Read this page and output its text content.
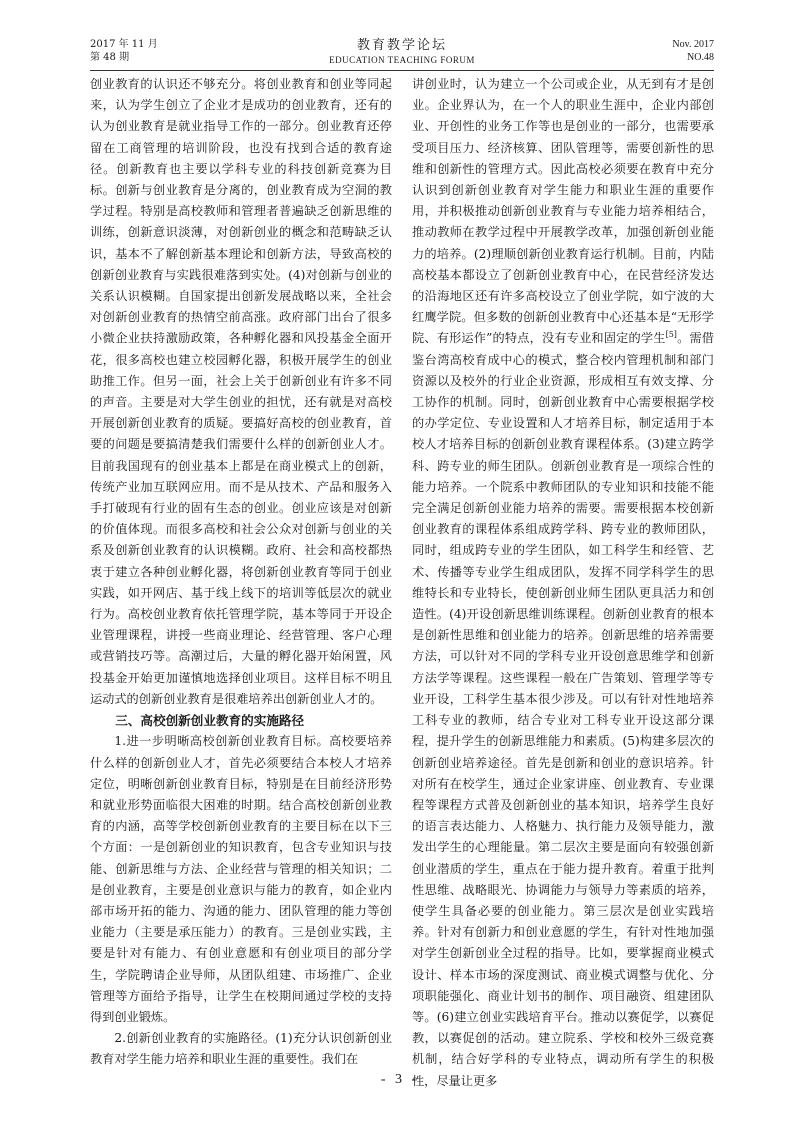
2017 年 11 月
第 48 期
教育教学论坛
EDUCATION TEACHING FORUM
Nov. 2017
NO.48

创业教育的认识还不够充分。将创业教育和创业等同起来，认为学生创立了企业才是成功的创业教育，还有的认为创业教育是就业指导工作的一部分。创业教育还停留在工商管理的培训阶段，也没有找到合适的教育途径。创新教育也主要以学科专业的科技创新竞赛为目标。创新与创业教育是分离的，创业教育成为空洞的教学过程。特别是高校教师和管理者普遍缺乏创新思维的训练，创新意识淡薄，对创新创业的概念和范畴缺乏认识，基本不了解创新基本理论和创新方法，导致高校的创新创业教育与实践很难落到实处。(4)对创新与创业的关系认识模糊。自国家提出创新发展战略以来，全社会对创新创业教育的热情空前高涨。政府部门出台了很多小微企业扶持激励政策，各种孵化器和风投基金全面开花，很多高校也建立校园孵化器，积极开展学生的创业助推工作。但另一面，社会上关于创新创业有许多不同的声音。主要是对大学生创业的担忧，还有就是对高校开展创新创业教育的质疑。要搞好高校的创业教育，首要的问题是要搞清楚我们需要什么样的创新创业人才。目前我国现有的创业基本上都是在商业模式上的创新，传统产业加互联网应用。而不是从技术、产品和服务入手打破现有行业的固有生态的创业。创业应该是对创新的价值体现。而很多高校和社会公众对创新与创业的关系及创新创业教育的认识模糊。政府、社会和高校都热衷于建立各种创业孵化器，将创新创业教育等同于创业实践，如开网店、基于线上线下的培训等低层次的就业行为。高校创业教育依托管理学院，基本等同于开设企业管理课程，讲授一些商业理论、经营管理、客户心理或营销技巧等。高潮过后，大量的孵化器开始闲置，风投基金开始更加谨慎地选择创业项目。这样目标不明且运动式的创新创业教育是很难培养出创新创业人才的。

三、高校创新创业教育的实施路径

1.进一步明晰高校创新创业教育目标。高校要培养什么样的创新创业人才，首先必须要结合本校人才培养定位，明晰创新创业教育目标，特别是在目前经济形势和就业形势面临很大困难的时期。结合高校创新创业教育的内涵，高等学校创新创业教育的主要目标在以下三个方面：一是创新创业的知识教育，包含专业知识与技能、创新思维与方法、企业经营与管理的相关知识；二是创业教育，主要是创业意识与能力的教育，如企业内部市场开拓的能力、沟通的能力、团队管理的能力等创业能力（主要是承压能力）的教育。三是创业实践，主要是针对有能力、有创业意愿和有创业项目的部分学生，学院聘请企业导师，从团队组建、市场推广、企业管理等方面给予指导，让学生在校期间通过学校的支持得到创业锻炼。

2.创新创业教育的实施路径。(1)充分认识创新创业教育对学生能力培养和职业生涯的重要性。我们在

讲创业时，认为建立一个公司或企业，从无到有才是创业。企业界认为，在一个人的职业生涯中，企业内部创业、开创性的业务工作等也是创业的一部分，也需要承受项目压力、经济核算、团队管理等，需要创新性的思维和创新性的管理方式。因此高校必须要在教育中充分认识到创新创业教育对学生能力和职业生涯的重要作用，并积极推动创新创业教育与专业能力培养相结合，推动教师在教学过程中开展教学改革，加强创新创业能力的培养。(2)理顺创新创业教育运行机制。目前，内陆高校基本都设立了创新创业教育中心，在民营经济发达的沿海地区还有许多高校设立了创业学院，如宁波的大红鹰学院。但多数的创新创业教育中心还基本是“无形学院、有形运作”的特点，没有专业和固定的学生[5]。需借鉴台湾高校育成中心的模式，整合校内管理机制和部门资源以及校外的行业企业资源，形成相互有效支撑、分工协作的机制。同时，创新创业教育中心需要根据学校的办学定位、专业设置和人才培养目标，制定适用于本校人才培养目标的创新创业教育课程体系。(3)建立跨学科、跨专业的师生团队。创新创业教育是一项综合性的能力培养。一个院系中教师团队的专业知识和技能不能完全满足创新创业能力培养的需要。需要根据本校创新创业教育的课程体系组成跨学科、跨专业的教师团队，同时，组成跨专业的学生团队，如工科学生和经管、艺术、传播等专业学生组成团队，发挥不同学科学生的思维特长和专业特长，使创新创业师生团队更具活力和创造性。(4)开设创新思维训练课程。创新创业教育的根本是创新性思维和创业能力的培养。创新思维的培养需要方法，可以针对不同的学科专业开设创意思维学和创新方法学等课程。这些课程一般在广告策划、管理学等专业开设，工科学生基本很少涉及。可以有针对性地培养工科专业的教师，结合专业对工科专业开设这部分课程，提升学生的创新思维能力和素质。(5)构建多层次的创新创业培养途径。首先是创新和创业的意识培养。针对所有在校学生，通过企业家讲座、创业教育、专业课程等课程方式普及创新创业的基本知识，培养学生良好的语言表达能力、人格魅力、执行能力及领导能力，激发出学生的心理能量。第二层次主要是面向有较强创新创业潜质的学生，重点在于能力提升教育。着重于批判性思维、战略眼光、协调能力与领导力等素质的培养，使学生具备必要的创业能力。第三层次是创业实践培养。针对有创新力和创业意愿的学生，有针对性地加强对学生创新创业全过程的指导。比如，要掌握商业模式设计、样本市场的深度测试、商业模式调整与优化、分项职能强化、商业计划书的制作、项目融资、组建团队等。(6)建立创业实践培育平台。推动以赛促学，以赛促教，以赛促创的活动。建立院系、学校和校外三级竞赛机制，结合好学科的专业特点，调动所有学生的积极性，尽量让更多

- 3 -
